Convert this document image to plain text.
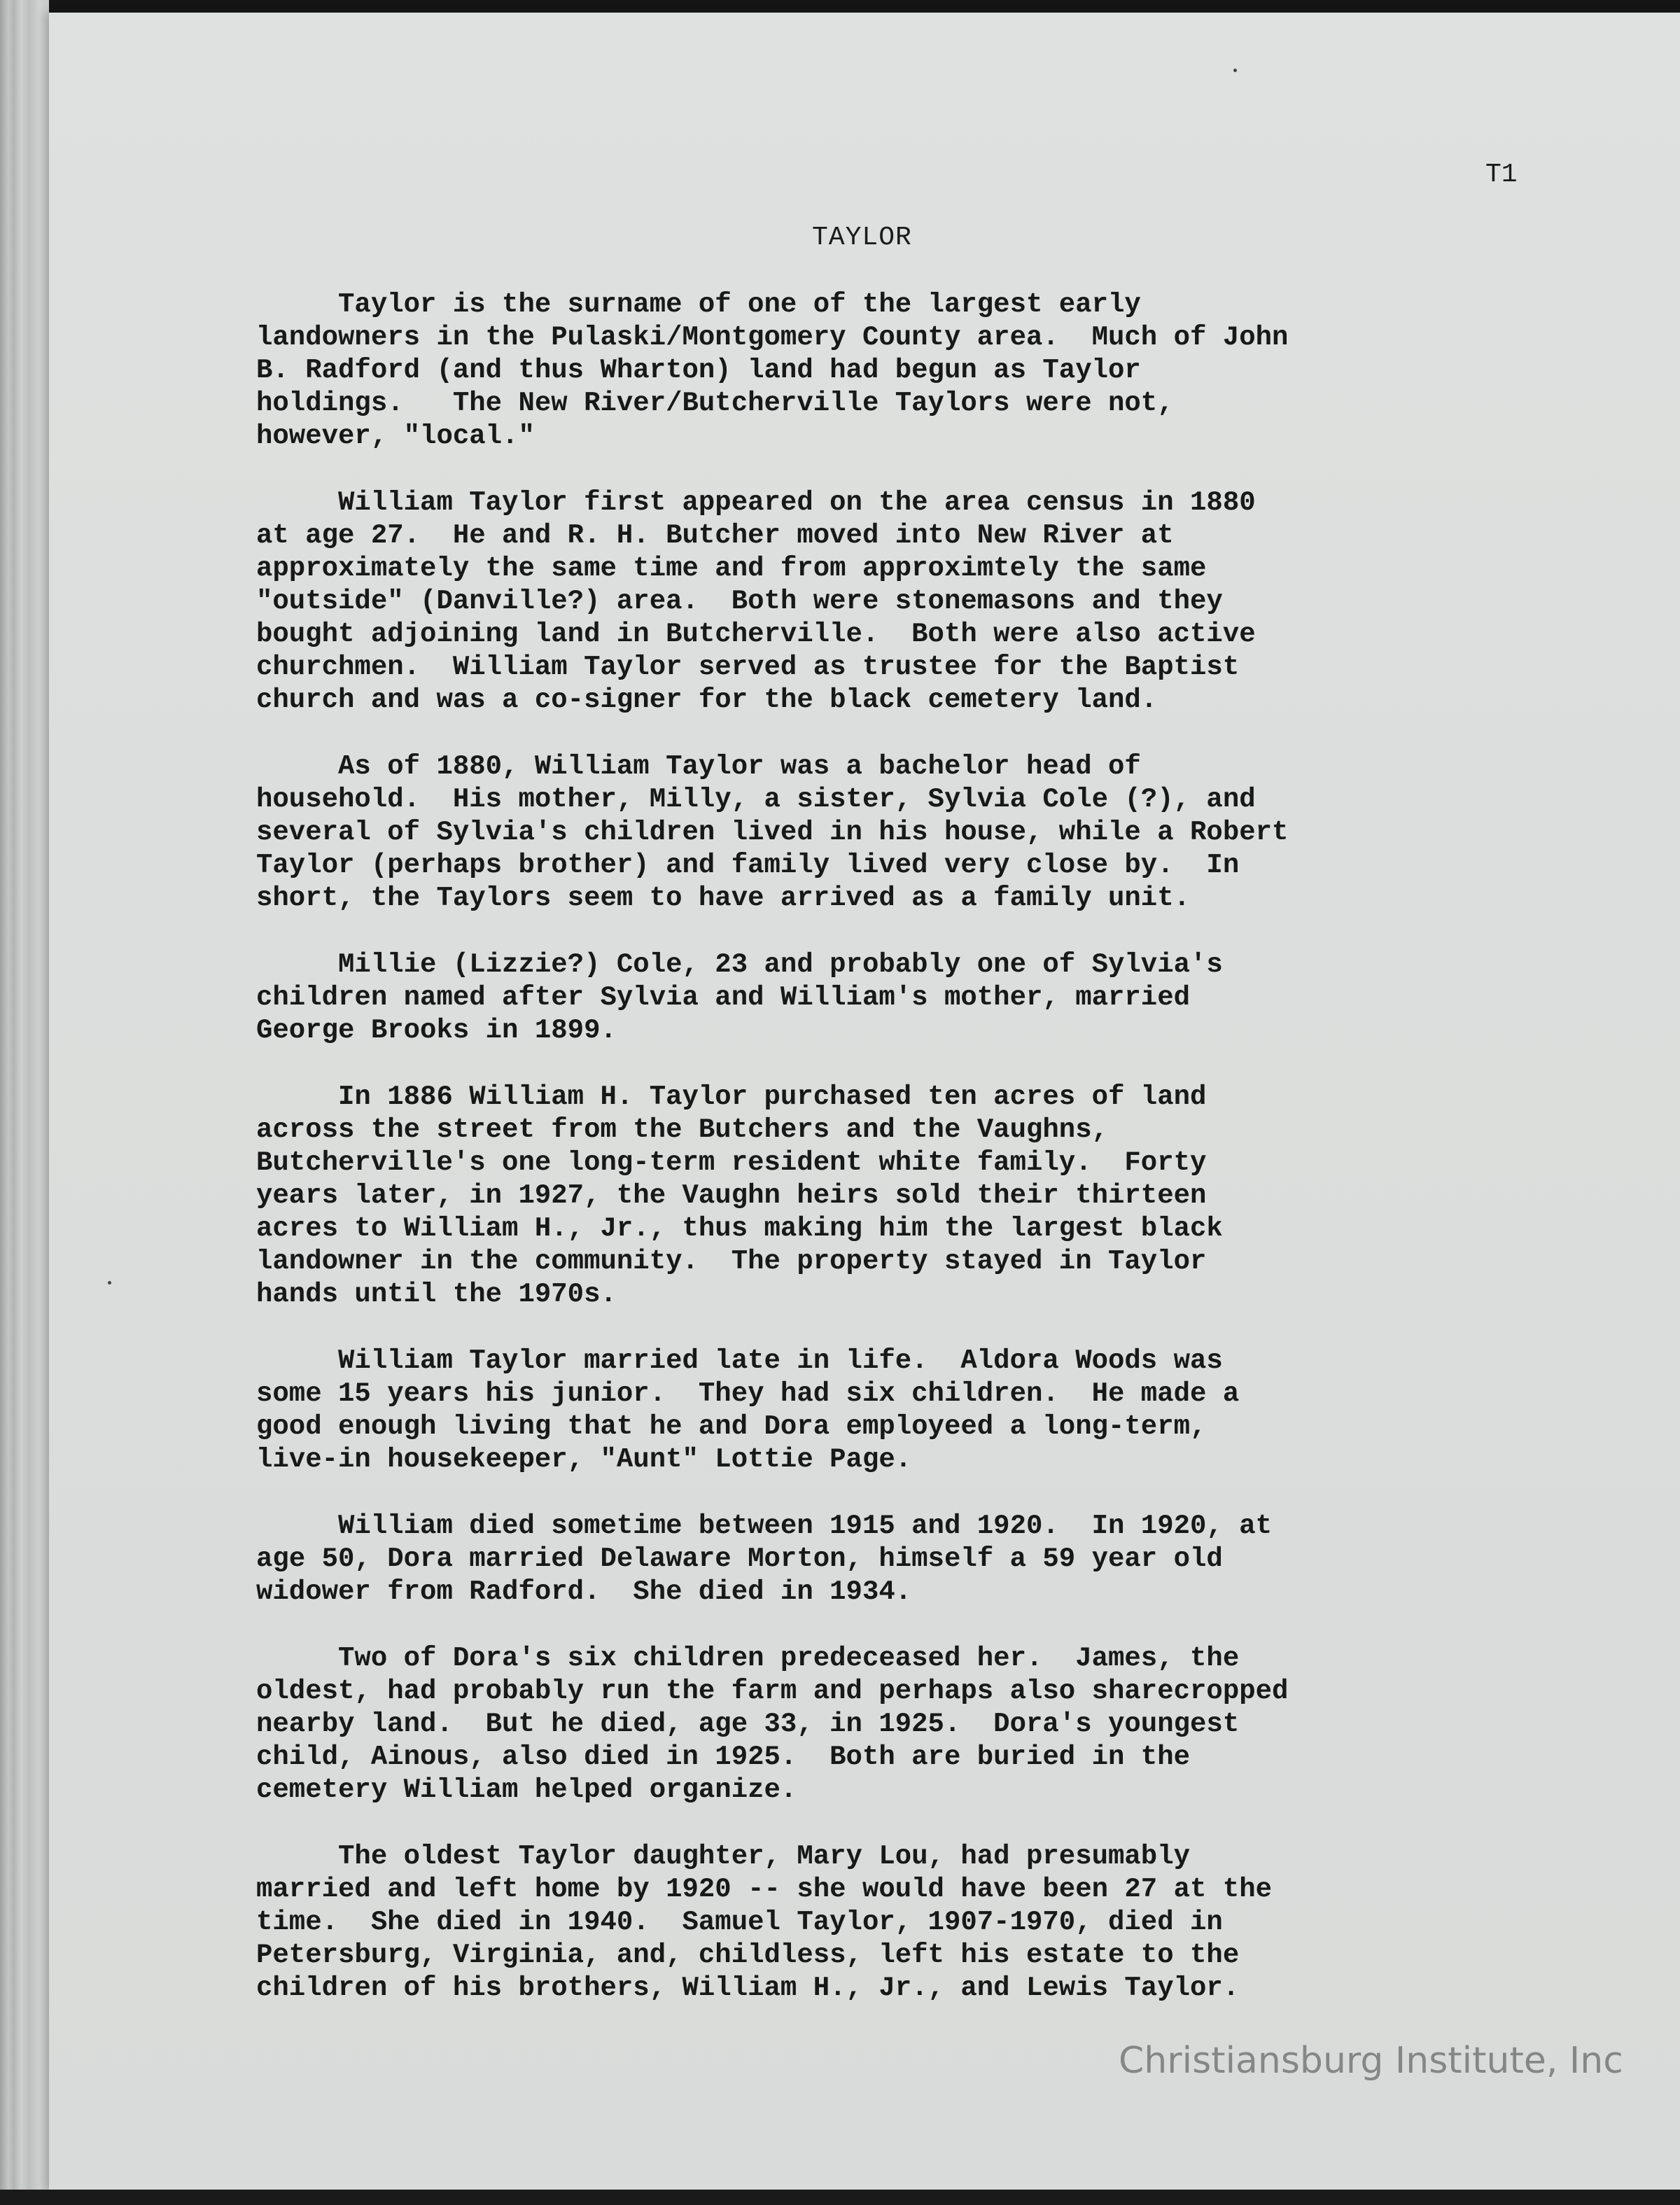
T1
TAYLOR

Taylor is the surname of one of the largest early
landowners in the Pulaski/Montgomery County area.  Much of John
B. Radford (and thus Wharton) land had begun as Taylor
holdings.   The New River/Butcherville Taylors were not,
however, "local."

William Taylor first appeared on the area census in 1880
at age 27.  He and R. H. Butcher moved into New River at
approximately the same time and from approximtely the same
"outside" (Danville?) area.  Both were stonemasons and they
bought adjoining land in Butcherville.  Both were also active
churchmen.  William Taylor served as trustee for the Baptist
church and was a co-signer for the black cemetery land.

As of 1880, William Taylor was a bachelor head of
household.  His mother, Milly, a sister, Sylvia Cole (?), and
several of Sylvia's children lived in his house, while a Robert
Taylor (perhaps brother) and family lived very close by.  In
short, the Taylors seem to have arrived as a family unit.

Millie (Lizzie?) Cole, 23 and probably one of Sylvia's
children named after Sylvia and William's mother, married
George Brooks in 1899.

In 1886 William H. Taylor purchased ten acres of land
across the street from the Butchers and the Vaughns,
Butcherville's one long-term resident white family.  Forty
years later, in 1927, the Vaughn heirs sold their thirteen
acres to William H., Jr., thus making him the largest black
landowner in the community.  The property stayed in Taylor
hands until the 1970s.

William Taylor married late in life.  Aldora Woods was
some 15 years his junior.  They had six children.  He made a
good enough living that he and Dora employeed a long-term,
live-in housekeeper, "Aunt" Lottie Page.

William died sometime between 1915 and 1920.  In 1920, at
age 50, Dora married Delaware Morton, himself a 59 year old
widower from Radford.  She died in 1934.

Two of Dora's six children predeceased her.  James, the
oldest, had probably run the farm and perhaps also sharecropped
nearby land.  But he died, age 33, in 1925.  Dora's youngest
child, Ainous, also died in 1925.  Both are buried in the
cemetery William helped organize.

The oldest Taylor daughter, Mary Lou, had presumably
married and left home by 1920 -- she would have been 27 at the
time.  She died in 1940.  Samuel Taylor, 1907-1970, died in
Petersburg, Virginia, and, childless, left his estate to the
children of his brothers, William H., Jr., and Lewis Taylor.

Christiansburg Institute, Inc
